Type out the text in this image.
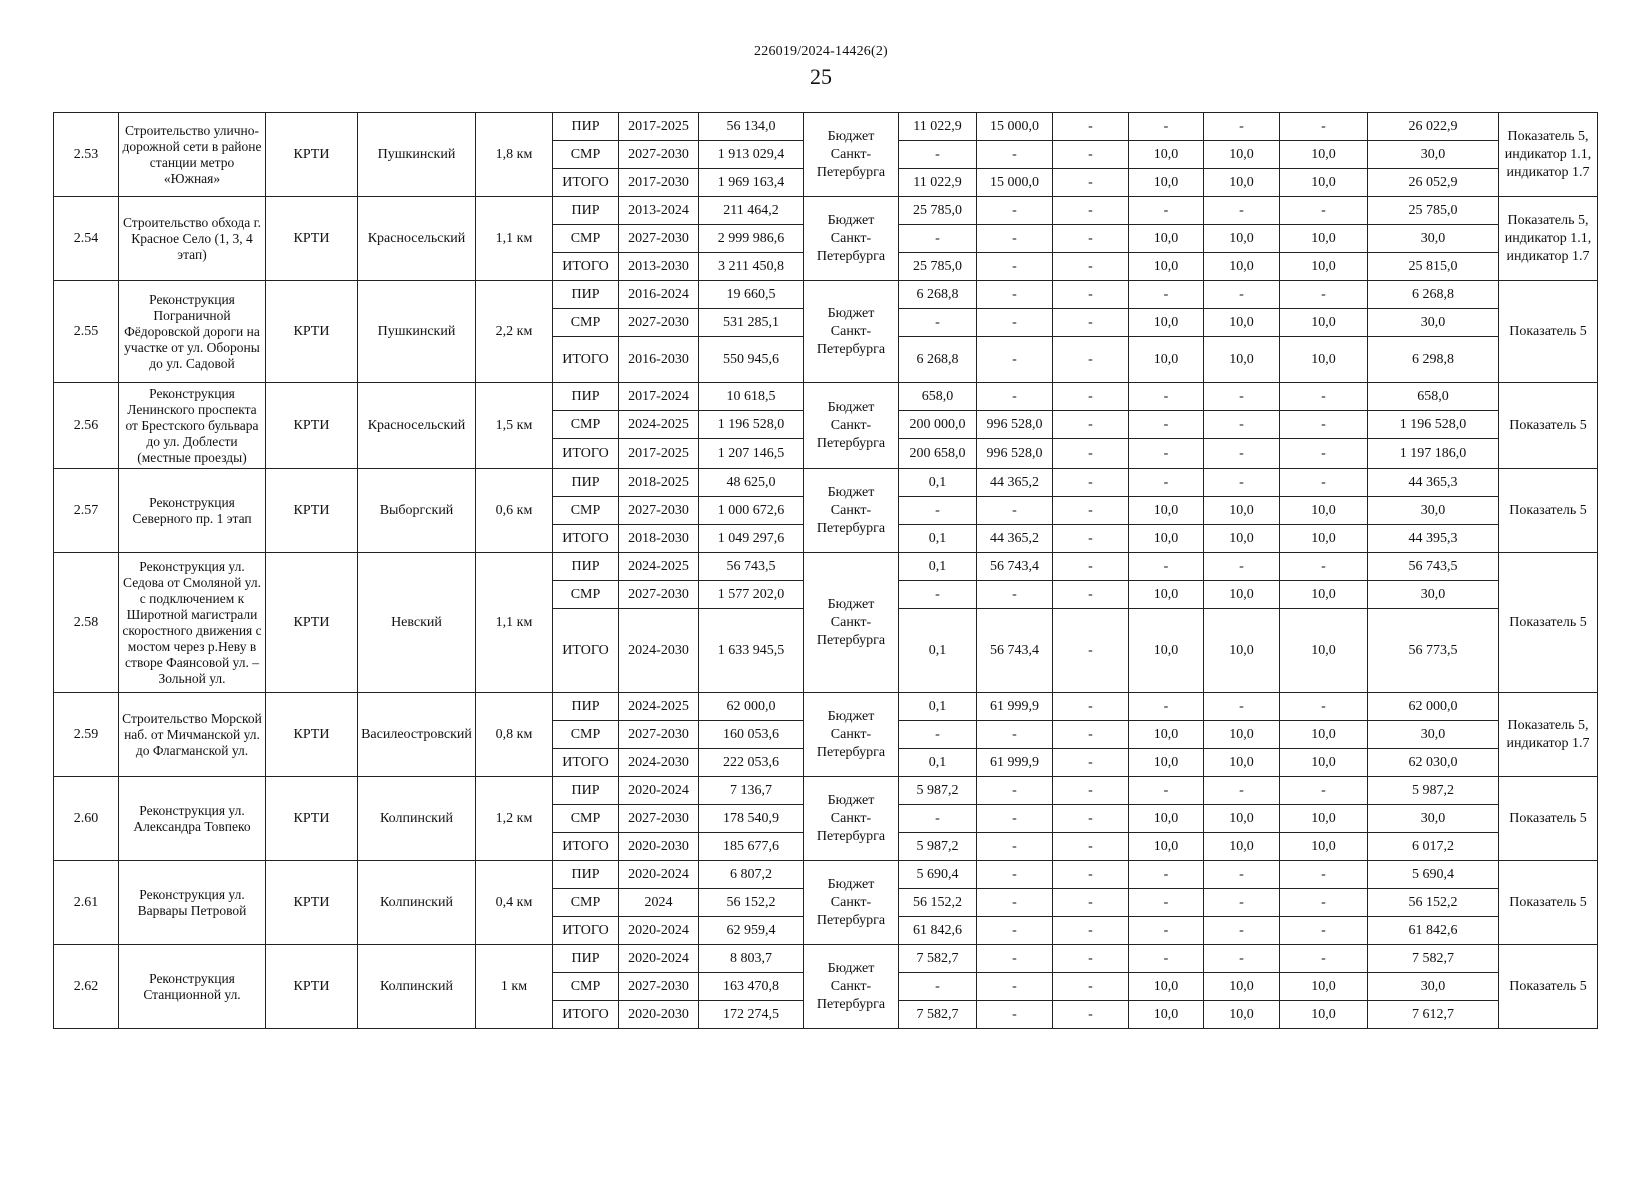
226019/2024-14426(2)
25
2.53	Строительство улично-дорожной сети в районе станции метро «Южная»	КРТИ	Пушкинский	1,8 км	ПИР	2017-2025	56 134,0	Бюджет Санкт-Петербурга	11 022,9	15 000,0	-	-	-	-	26 022,9	Показатель 5, индикатор 1.1, индикатор 1.7
					СМР	2027-2030	1 913 029,4		-	-	-	10,0	10,0	10,0	30,0	
					ИТОГО	2017-2030	1 969 163,4		11 022,9	15 000,0	-	10,0	10,0	10,0	26 052,9	
2.54	Строительство обхода г. Красное Село (1, 3, 4 этап)	КРТИ	Красносельский	1,1 км	ПИР	2013-2024	211 464,2	Бюджет Санкт-Петербурга	25 785,0	-	-	-	-	-	25 785,0	Показатель 5, индикатор 1.1, индикатор 1.7
					СМР	2027-2030	2 999 986,6		-	-	-	10,0	10,0	10,0	30,0	
					ИТОГО	2013-2030	3 211 450,8		25 785,0	-	-	10,0	10,0	10,0	25 815,0	
2.55	Реконструкция Пограничной Фёдоровской дороги на участке от ул. Обороны до ул. Садовой	КРТИ	Пушкинский	2,2 км	ПИР	2016-2024	19 660,5	Бюджет Санкт-Петербурга	6 268,8	-	-	-	-	-	6 268,8	Показатель 5
					СМР	2027-2030	531 285,1		-	-	-	10,0	10,0	10,0	30,0	
					ИТОГО	2016-2030	550 945,6		6 268,8	-	-	10,0	10,0	10,0	6 298,8	
2.56	Реконструкция Ленинского проспекта от Брестского бульвара до ул. Доблести (местные проезды)	КРТИ	Красносельский	1,5 км	ПИР	2017-2024	10 618,5	Бюджет Санкт-Петербурга	658,0	-	-	-	-	-	658,0	Показатель 5
					СМР	2024-2025	1 196 528,0		200 000,0	996 528,0	-	-	-	-	1 196 528,0	
					ИТОГО	2017-2025	1 207 146,5		200 658,0	996 528,0	-	-	-	-	1 197 186,0	
2.57	Реконструкция Северного пр. 1 этап	КРТИ	Выборгский	0,6 км	ПИР	2018-2025	48 625,0	Бюджет Санкт-Петербурга	0,1	44 365,2	-	-	-	-	44 365,3	Показатель 5
					СМР	2027-2030	1 000 672,6		-	-	-	10,0	10,0	10,0	30,0	
					ИТОГО	2018-2030	1 049 297,6		0,1	44 365,2	-	10,0	10,0	10,0	44 395,3	
2.58	Реконструкция ул. Седова от Смоляной ул. с подключением к Широтной магистрали скоростного движения с мостом через р.Неву в створе Фаянсовой ул. – Зольной ул.	КРТИ	Невский	1,1 км	ПИР	2024-2025	56 743,5	Бюджет Санкт-Петербурга	0,1	56 743,4	-	-	-	-	56 743,5	Показатель 5
					СМР	2027-2030	1 577 202,0		-	-	-	10,0	10,0	10,0	30,0	
					ИТОГО	2024-2030	1 633 945,5		0,1	56 743,4	-	10,0	10,0	10,0	56 773,5	
2.59	Строительство Морской наб. от Мичманской ул. до Флагманской ул.	КРТИ	Василеостровский	0,8 км	ПИР	2024-2025	62 000,0	Бюджет Санкт-Петербурга	0,1	61 999,9	-	-	-	-	62 000,0	Показатель 5, индикатор 1.7
					СМР	2027-2030	160 053,6		-	-	-	10,0	10,0	10,0	30,0	
					ИТОГО	2024-2030	222 053,6		0,1	61 999,9	-	10,0	10,0	10,0	62 030,0	
2.60	Реконструкция ул. Александра Товпеко	КРТИ	Колпинский	1,2 км	ПИР	2020-2024	7 136,7	Бюджет Санкт-Петербурга	5 987,2	-	-	-	-	-	5 987,2	Показатель 5
					СМР	2027-2030	178 540,9		-	-	-	10,0	10,0	10,0	30,0	
					ИТОГО	2020-2030	185 677,6		5 987,2	-	-	10,0	10,0	10,0	6 017,2	
2.61	Реконструкция ул. Варвары Петровой	КРТИ	Колпинский	0,4 км	ПИР	2020-2024	6 807,2	Бюджет Санкт-Петербурга	5 690,4	-	-	-	-	-	5 690,4	Показатель 5
					СМР	2024	56 152,2		56 152,2	-	-	-	-	-	56 152,2	
					ИТОГО	2020-2024	62 959,4		61 842,6	-	-	-	-	-	61 842,6	
2.62	Реконструкция Станционной ул.	КРТИ	Колпинский	1 км	ПИР	2020-2024	8 803,7	Бюджет Санкт-Петербурга	7 582,7	-	-	-	-	-	7 582,7	Показатель 5
					СМР	2027-2030	163 470,8		-	-	-	10,0	10,0	10,0	30,0	
					ИТОГО	2020-2030	172 274,5		7 582,7	-	-	10,0	10,0	10,0	7 612,7	
